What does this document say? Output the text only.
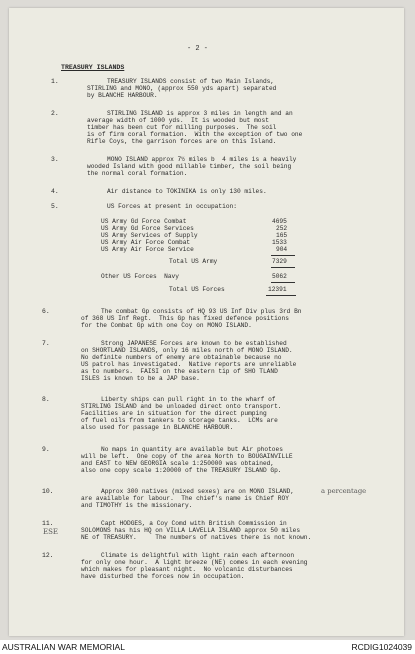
- 2 -
TREASURY ISLANDS
1.	TREASURY ISLANDS consist of two Main Islands,
STIRLING and MONO, (approx 550 yds apart) separated
by BLANCHE HARBOUR.
2.	STIRLING ISLAND is approx 3 miles in length and an
average width of 1000 yds.  It is wooded but most
timber has been cut for milling purposes.  The soil
is of firm coral formation.  With the exception of two one
Rifle Coys, the garrison forces are on this Island.
3.	MONO ISLAND approx 7½ miles b  4 miles is a heavily
wooded Island with good millable timber, the soil being
the normal coral formation.
4.	Air distance to TOKINIKA is only 130 miles.
5.	US Forces at present in occupation:
US Army Gd Force Combat	4695
US Army Gd Force Services	252
US Army Services of Supply	165
US Army Air Force Combat	1533
US Army Air Force Service	904
Total US Army	7329
Other US Forces  Navy	5062
Total US Forces	12391
6.	The combat Gp consists of HQ 93 US Inf Div plus 3rd Bn
of 368 US Inf Regt.  This Gp has fixed defence positions
for the Combat Gp with one Coy on MONO ISLAND.
7.	Strong JAPANESE Forces are known to be established
on SHORTLAND ISLANDS, only 16 miles north of MONO ISLAND.
No definite numbers of enemy are obtainable because no
US patrol has investigated.  Native reports are unreliable
as to numbers.  FAISI on the eastern tip of SHO TLAND
ISLES is known to be a JAP base.
8.	Liberty ships can pull right in to the wharf of
STIRLING ISLAND and be unloaded direct onto transport.
Facilities are in situation for the direct pumping
of fuel oils from tankers to storage tanks.  LCMs are
also used for passage in BLANCHE HARBOUR.
9.	No maps in quantity are available but Air photoes
will be left.  One copy of the area North to BOUGAINVILLE
and EAST to NEW GEORGIA scale 1:250000 was obtained,
also one copy scale 1:20000 of the TREASURY ISLAND Gp.
10.	Approx 300 natives (mixed sexes) are on MONO ISLAND,	a percentage
are available for labour.  The chief's name is Chief ROY
and TIMOTHY is the missionary.
11.	Capt HODGES, a Coy Comd with British Commission in
ESE	SOLOMONS has his HQ on VILLA LAVELLA ISLAND approx 50 miles
NE of TREASURY.     The numbers of natives there is not known.
12.	Climate is delightful with light rain each afternoon
for only one hour.  A light breeze (NE) comes in each evening
which makes for pleasant night.  No volcanic disturbances
have disturbed the forces now in occupation.
AUSTRALIAN WAR MEMORIAL	RCDIG1024039
